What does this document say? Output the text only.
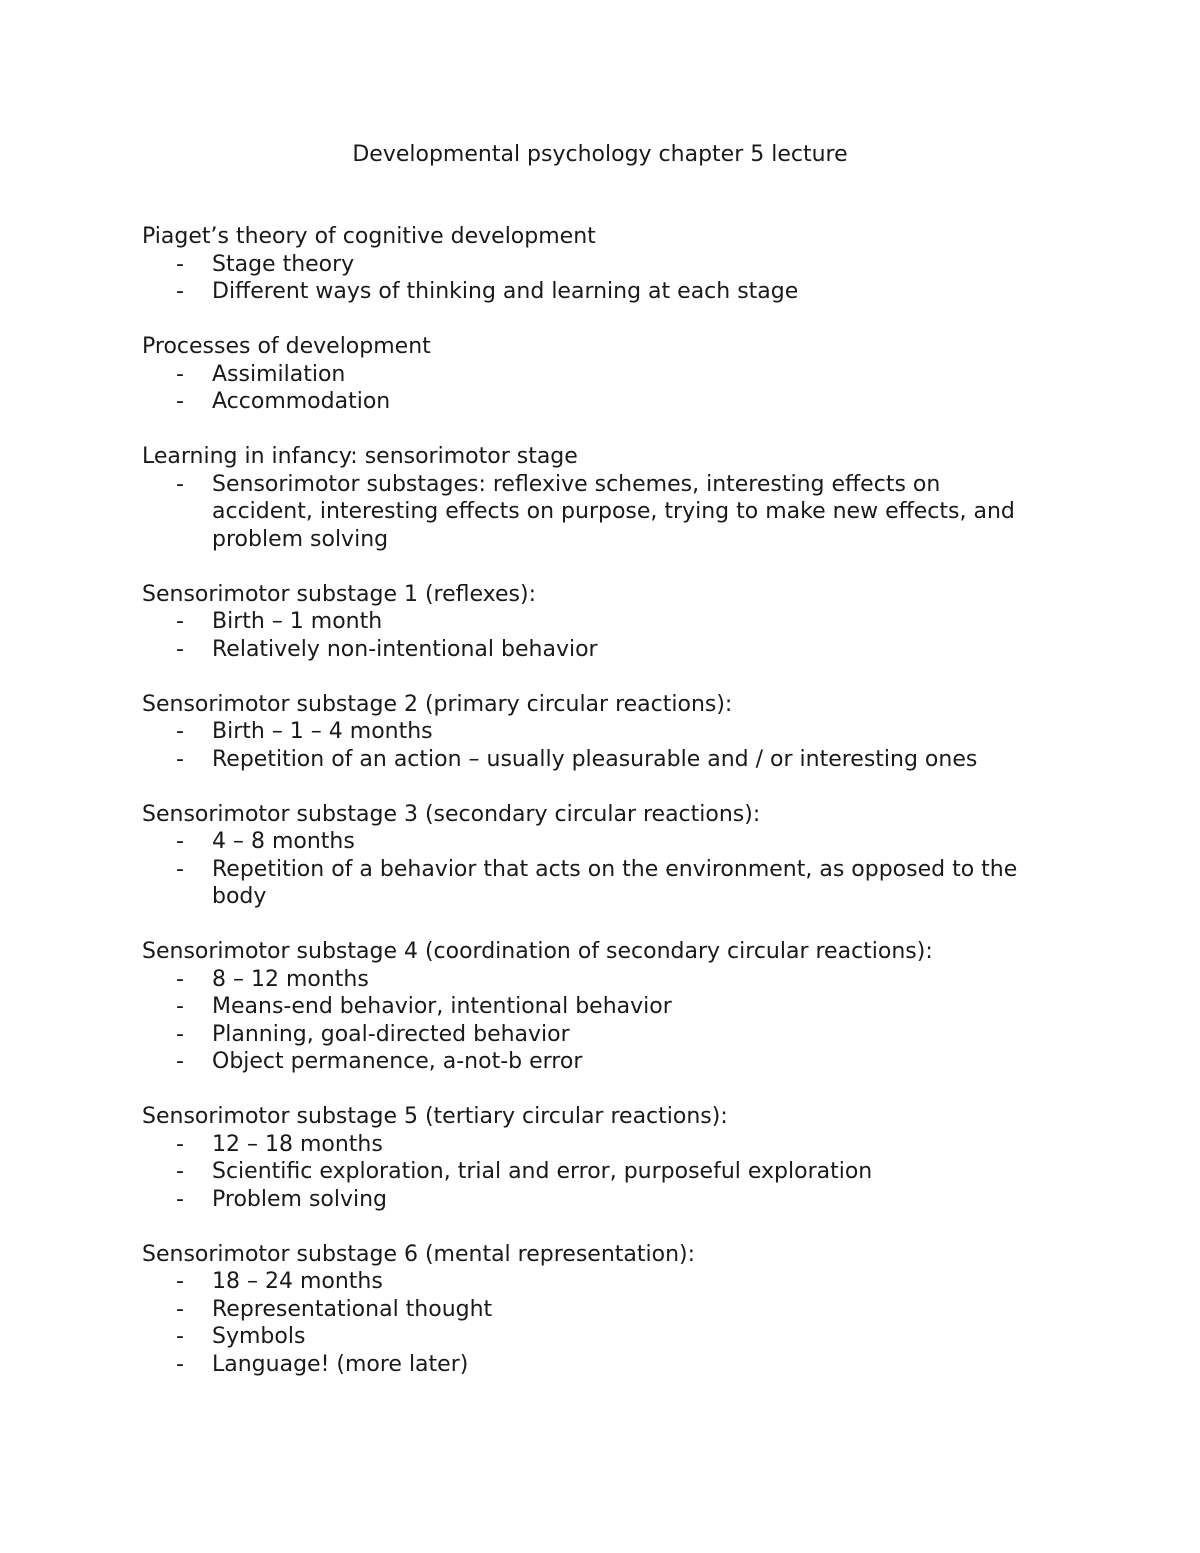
Developmental psychology chapter 5 lecture
Piaget’s theory of cognitive development
- Stage theory
- Different ways of thinking and learning at each stage
Processes of development
- Assimilation
- Accommodation
Learning in infancy: sensorimotor stage
- Sensorimotor substages: reflexive schemes, interesting effects on accident, interesting effects on purpose, trying to make new effects, and problem solving
Sensorimotor substage 1 (reflexes):
- Birth – 1 month
- Relatively non-intentional behavior
Sensorimotor substage 2 (primary circular reactions):
- Birth – 1 – 4 months
- Repetition of an action – usually pleasurable and / or interesting ones
Sensorimotor substage 3 (secondary circular reactions):
- 4 – 8 months
- Repetition of a behavior that acts on the environment, as opposed to the body
Sensorimotor substage 4 (coordination of secondary circular reactions):
- 8 – 12 months
- Means-end behavior, intentional behavior
- Planning, goal-directed behavior
- Object permanence, a-not-b error
Sensorimotor substage 5 (tertiary circular reactions):
- 12 – 18 months
- Scientific exploration, trial and error, purposeful exploration
- Problem solving
Sensorimotor substage 6 (mental representation):
- 18 – 24 months
- Representational thought
- Symbols
- Language! (more later)
